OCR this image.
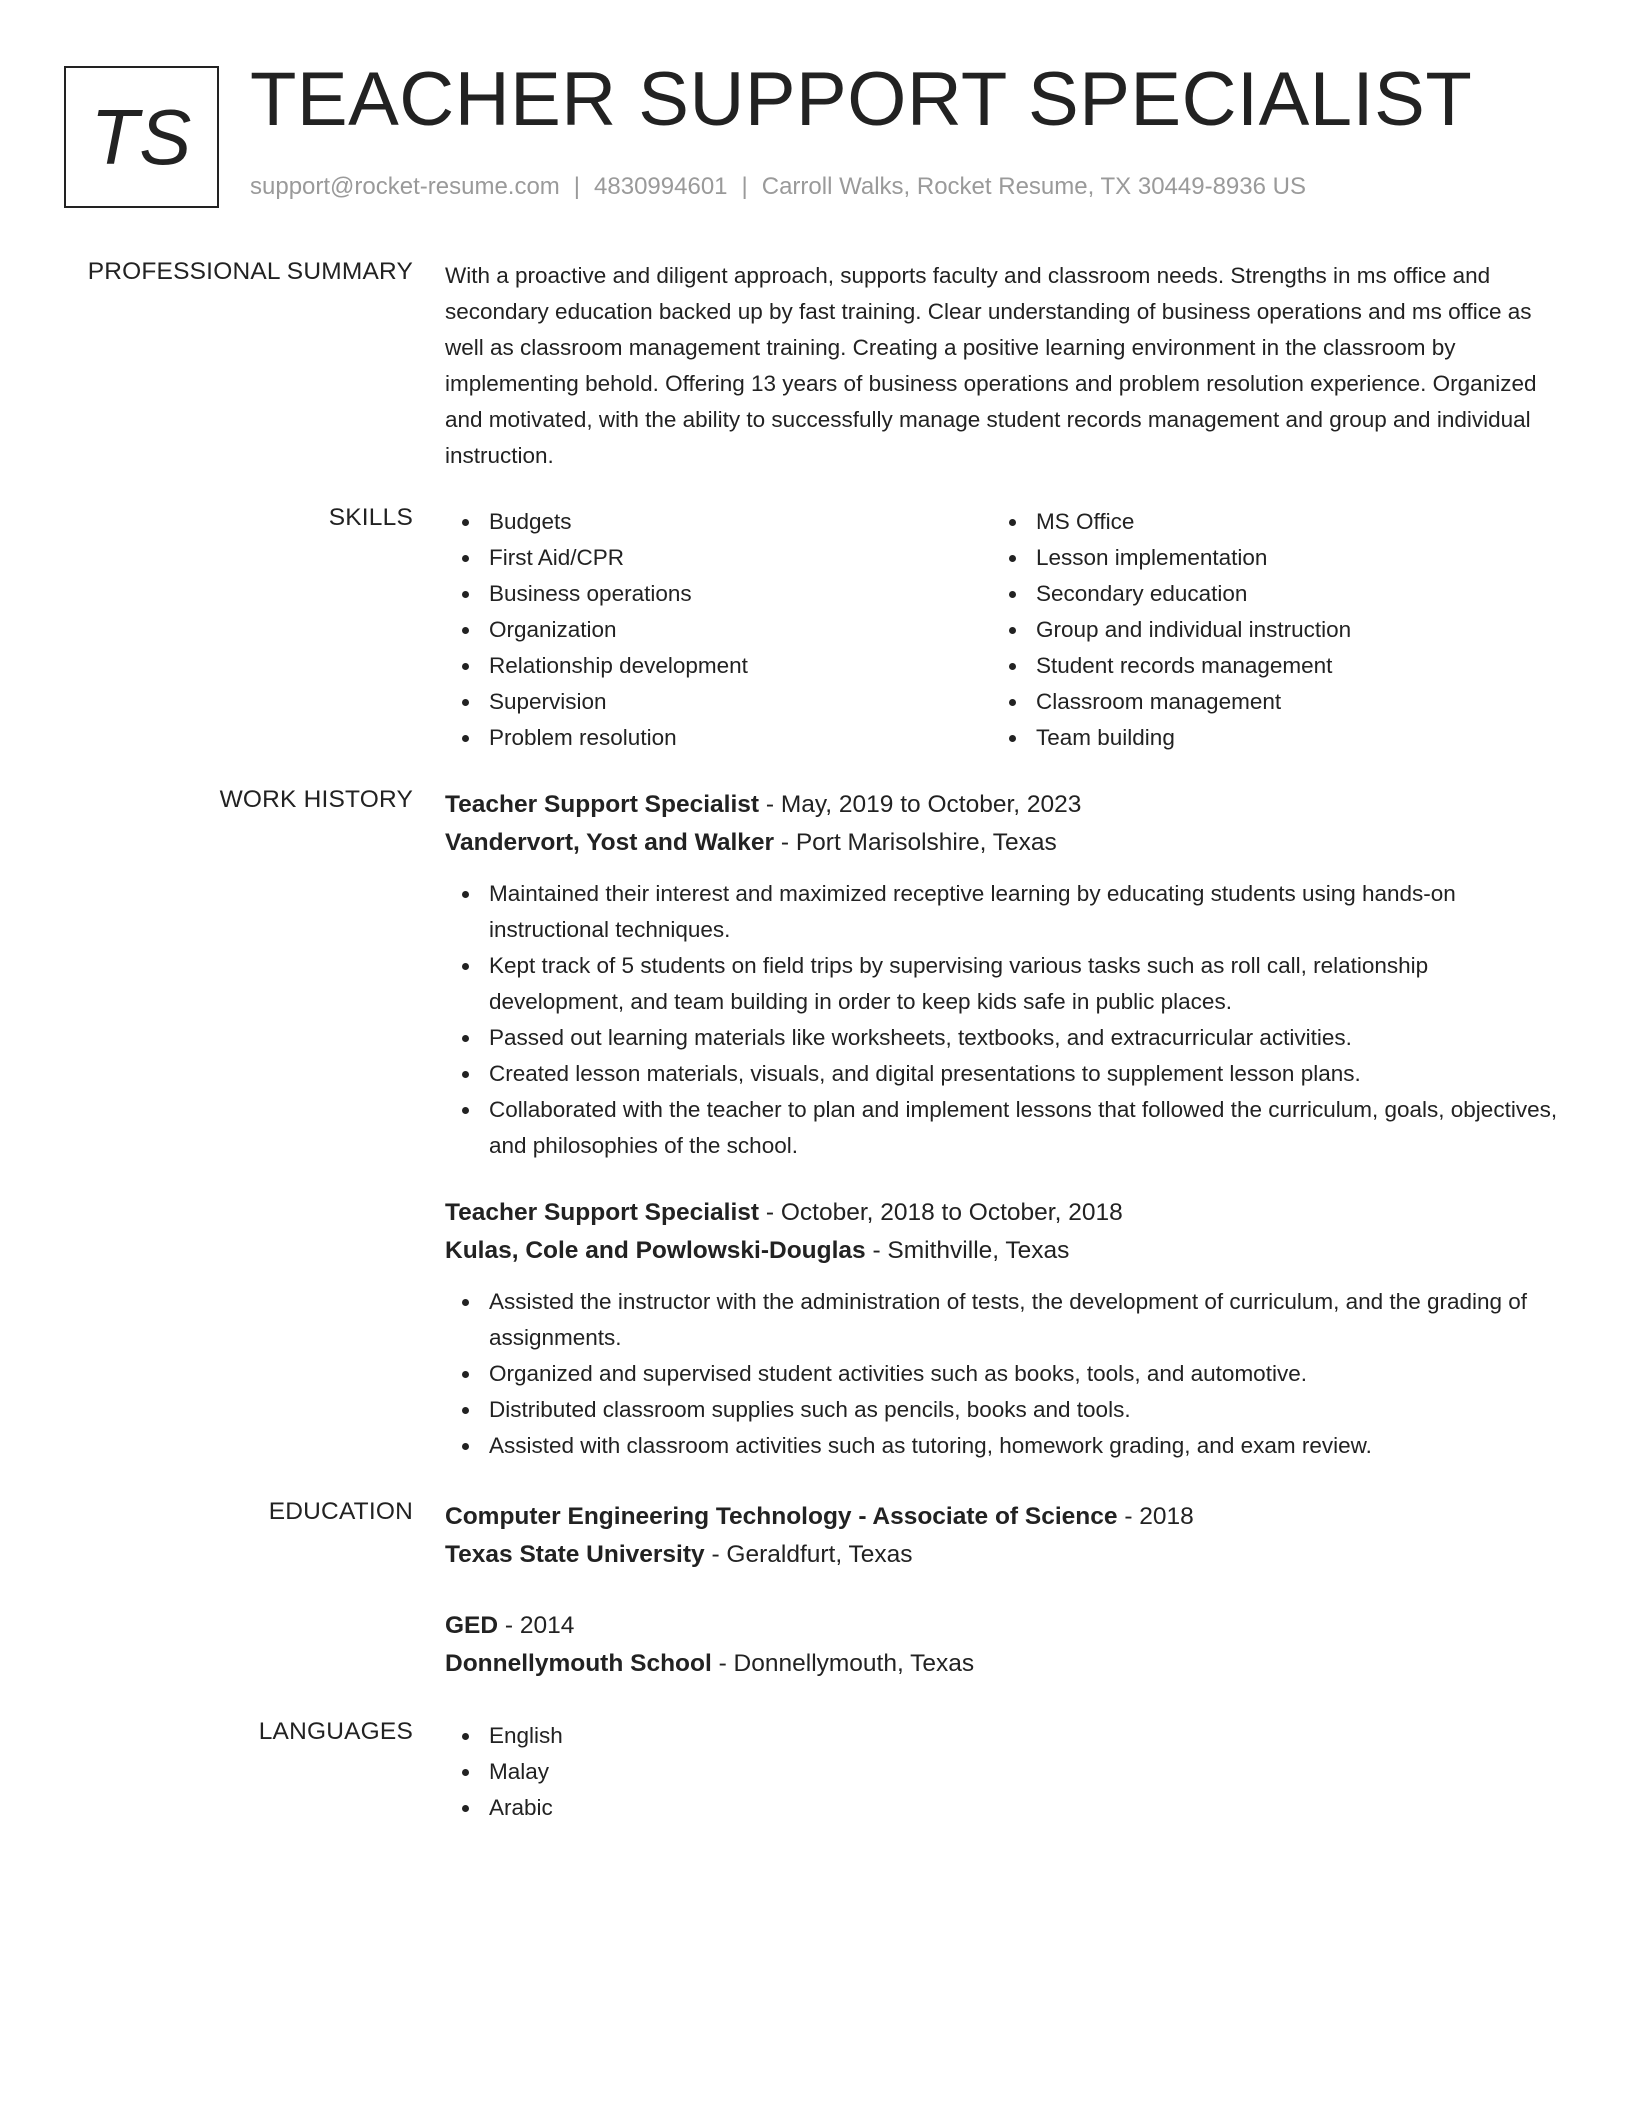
TS TEACHER SUPPORT SPECIALIST
support@rocket-resume.com | 4830994601 | Carroll Walks, Rocket Resume, TX 30449-8936 US
PROFESSIONAL SUMMARY With a proactive and diligent approach, supports faculty and classroom needs. Strengths in ms office and secondary education backed up by fast training. Clear understanding of business operations and ms office as well as classroom management training. Creating a positive learning environment in the classroom by implementing behold. Offering 13 years of business operations and problem resolution experience. Organized and motivated, with the ability to successfully manage student records management and group and individual instruction.

SKILLS	Budgets
First Aid/CPR
Business operations
Organization
Relationship development
Supervision
Problem resolution
MS Office
Lesson implementation
Secondary education
Group and individual instruction
Student records management
Classroom management
Team building
WORK HISTORY Teacher Support Specialist - May, 2019 to October, 2023
Vandervort, Yost and Walker - Port Marisolshire, Texas
Maintained their interest and maximized receptive learning by educating students using hands-on instructional techniques.
Kept track of 5 students on field trips by supervising various tasks such as roll call, relationship development, and team building in order to keep kids safe in public places.
Passed out learning materials like worksheets, textbooks, and extracurricular activities.
Created lesson materials, visuals, and digital presentations to supplement lesson plans.
Collaborated with the teacher to plan and implement lessons that followed the curriculum, goals, objectives, and philosophies of the school.
Teacher Support Specialist - October, 2018 to October, 2018
Kulas, Cole and Powlowski-Douglas - Smithville, Texas
Assisted the instructor with the administration of tests, the development of curriculum, and the grading of assignments.
Organized and supervised student activities such as books, tools, and automotive.
Distributed classroom supplies such as pencils, books and tools.
Assisted with classroom activities such as tutoring, homework grading, and exam review.
EDUCATION Computer Engineering Technology - Associate of Science - 2018
Texas State University - Geraldfurt, Texas
GED - 2014
Donnellymouth School - Donnellymouth, Texas
LANGUAGES	English
Malay
Arabic
